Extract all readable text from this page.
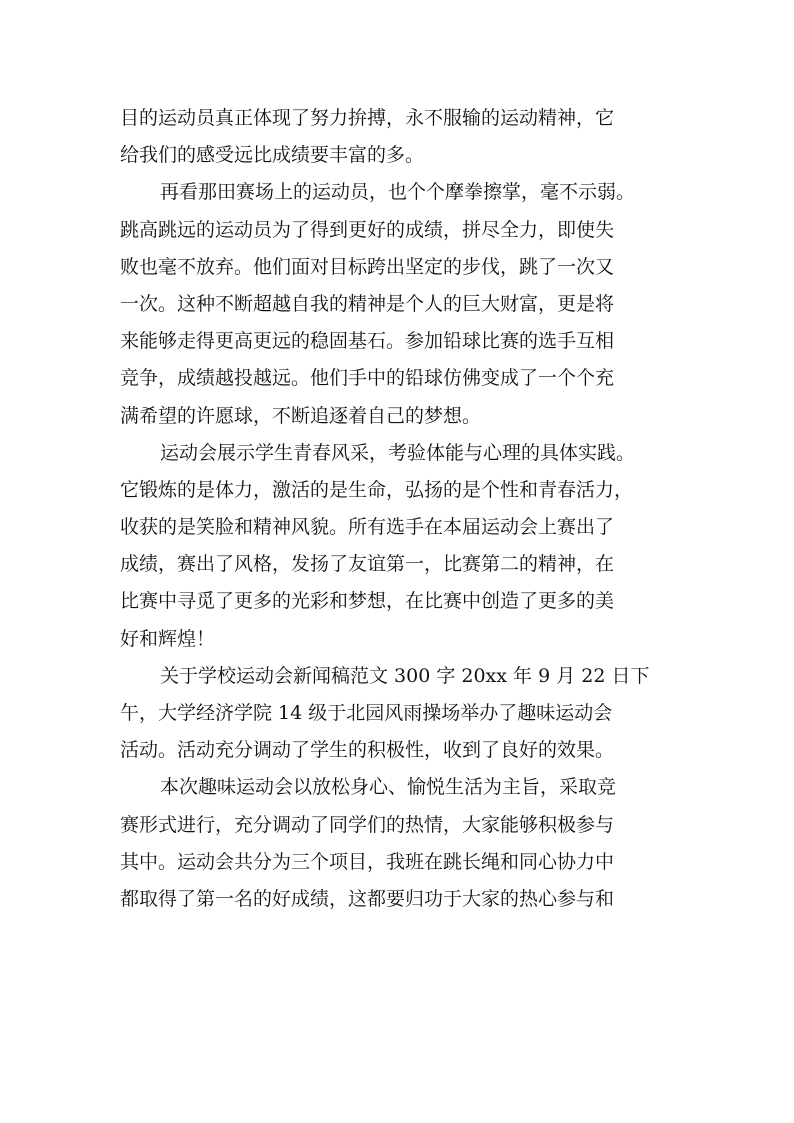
目的运动员真正体现了努力拚搏，永不服输的运动精神，它
给我们的感受远比成绩要丰富的多。
再看那田赛场上的运动员，也个个摩拳擦掌，毫不示弱。
跳高跳远的运动员为了得到更好的成绩，拼尽全力，即使失
败也毫不放弃。他们面对目标跨出坚定的步伐，跳了一次又
一次。这种不断超越自我的精神是个人的巨大财富，更是将
来能够走得更高更远的稳固基石。参加铅球比赛的选手互相
竞争，成绩越投越远。他们手中的铅球仿佛变成了一个个充
满希望的许愿球，不断追逐着自己的梦想。
运动会展示学生青春风采，考验体能与心理的具体实践。
它锻炼的是体力，激活的是生命，弘扬的是个性和青春活力，
收获的是笑脸和精神风貌。所有选手在本届运动会上赛出了
成绩，赛出了风格，发扬了友谊第一，比赛第二的精神，在
比赛中寻觅了更多的光彩和梦想，在比赛中创造了更多的美
好和辉煌！
关于学校运动会新闻稿范文 300 字 20xx 年 9 月 22 日下
午，大学经济学院 14 级于北园风雨操场举办了趣味运动会
活动。活动充分调动了学生的积极性，收到了良好的效果。
本次趣味运动会以放松身心、愉悦生活为主旨，采取竞
赛形式进行，充分调动了同学们的热情，大家能够积极参与
其中。运动会共分为三个项目，我班在跳长绳和同心协力中
都取得了第一名的好成绩，这都要归功于大家的热心参与和
